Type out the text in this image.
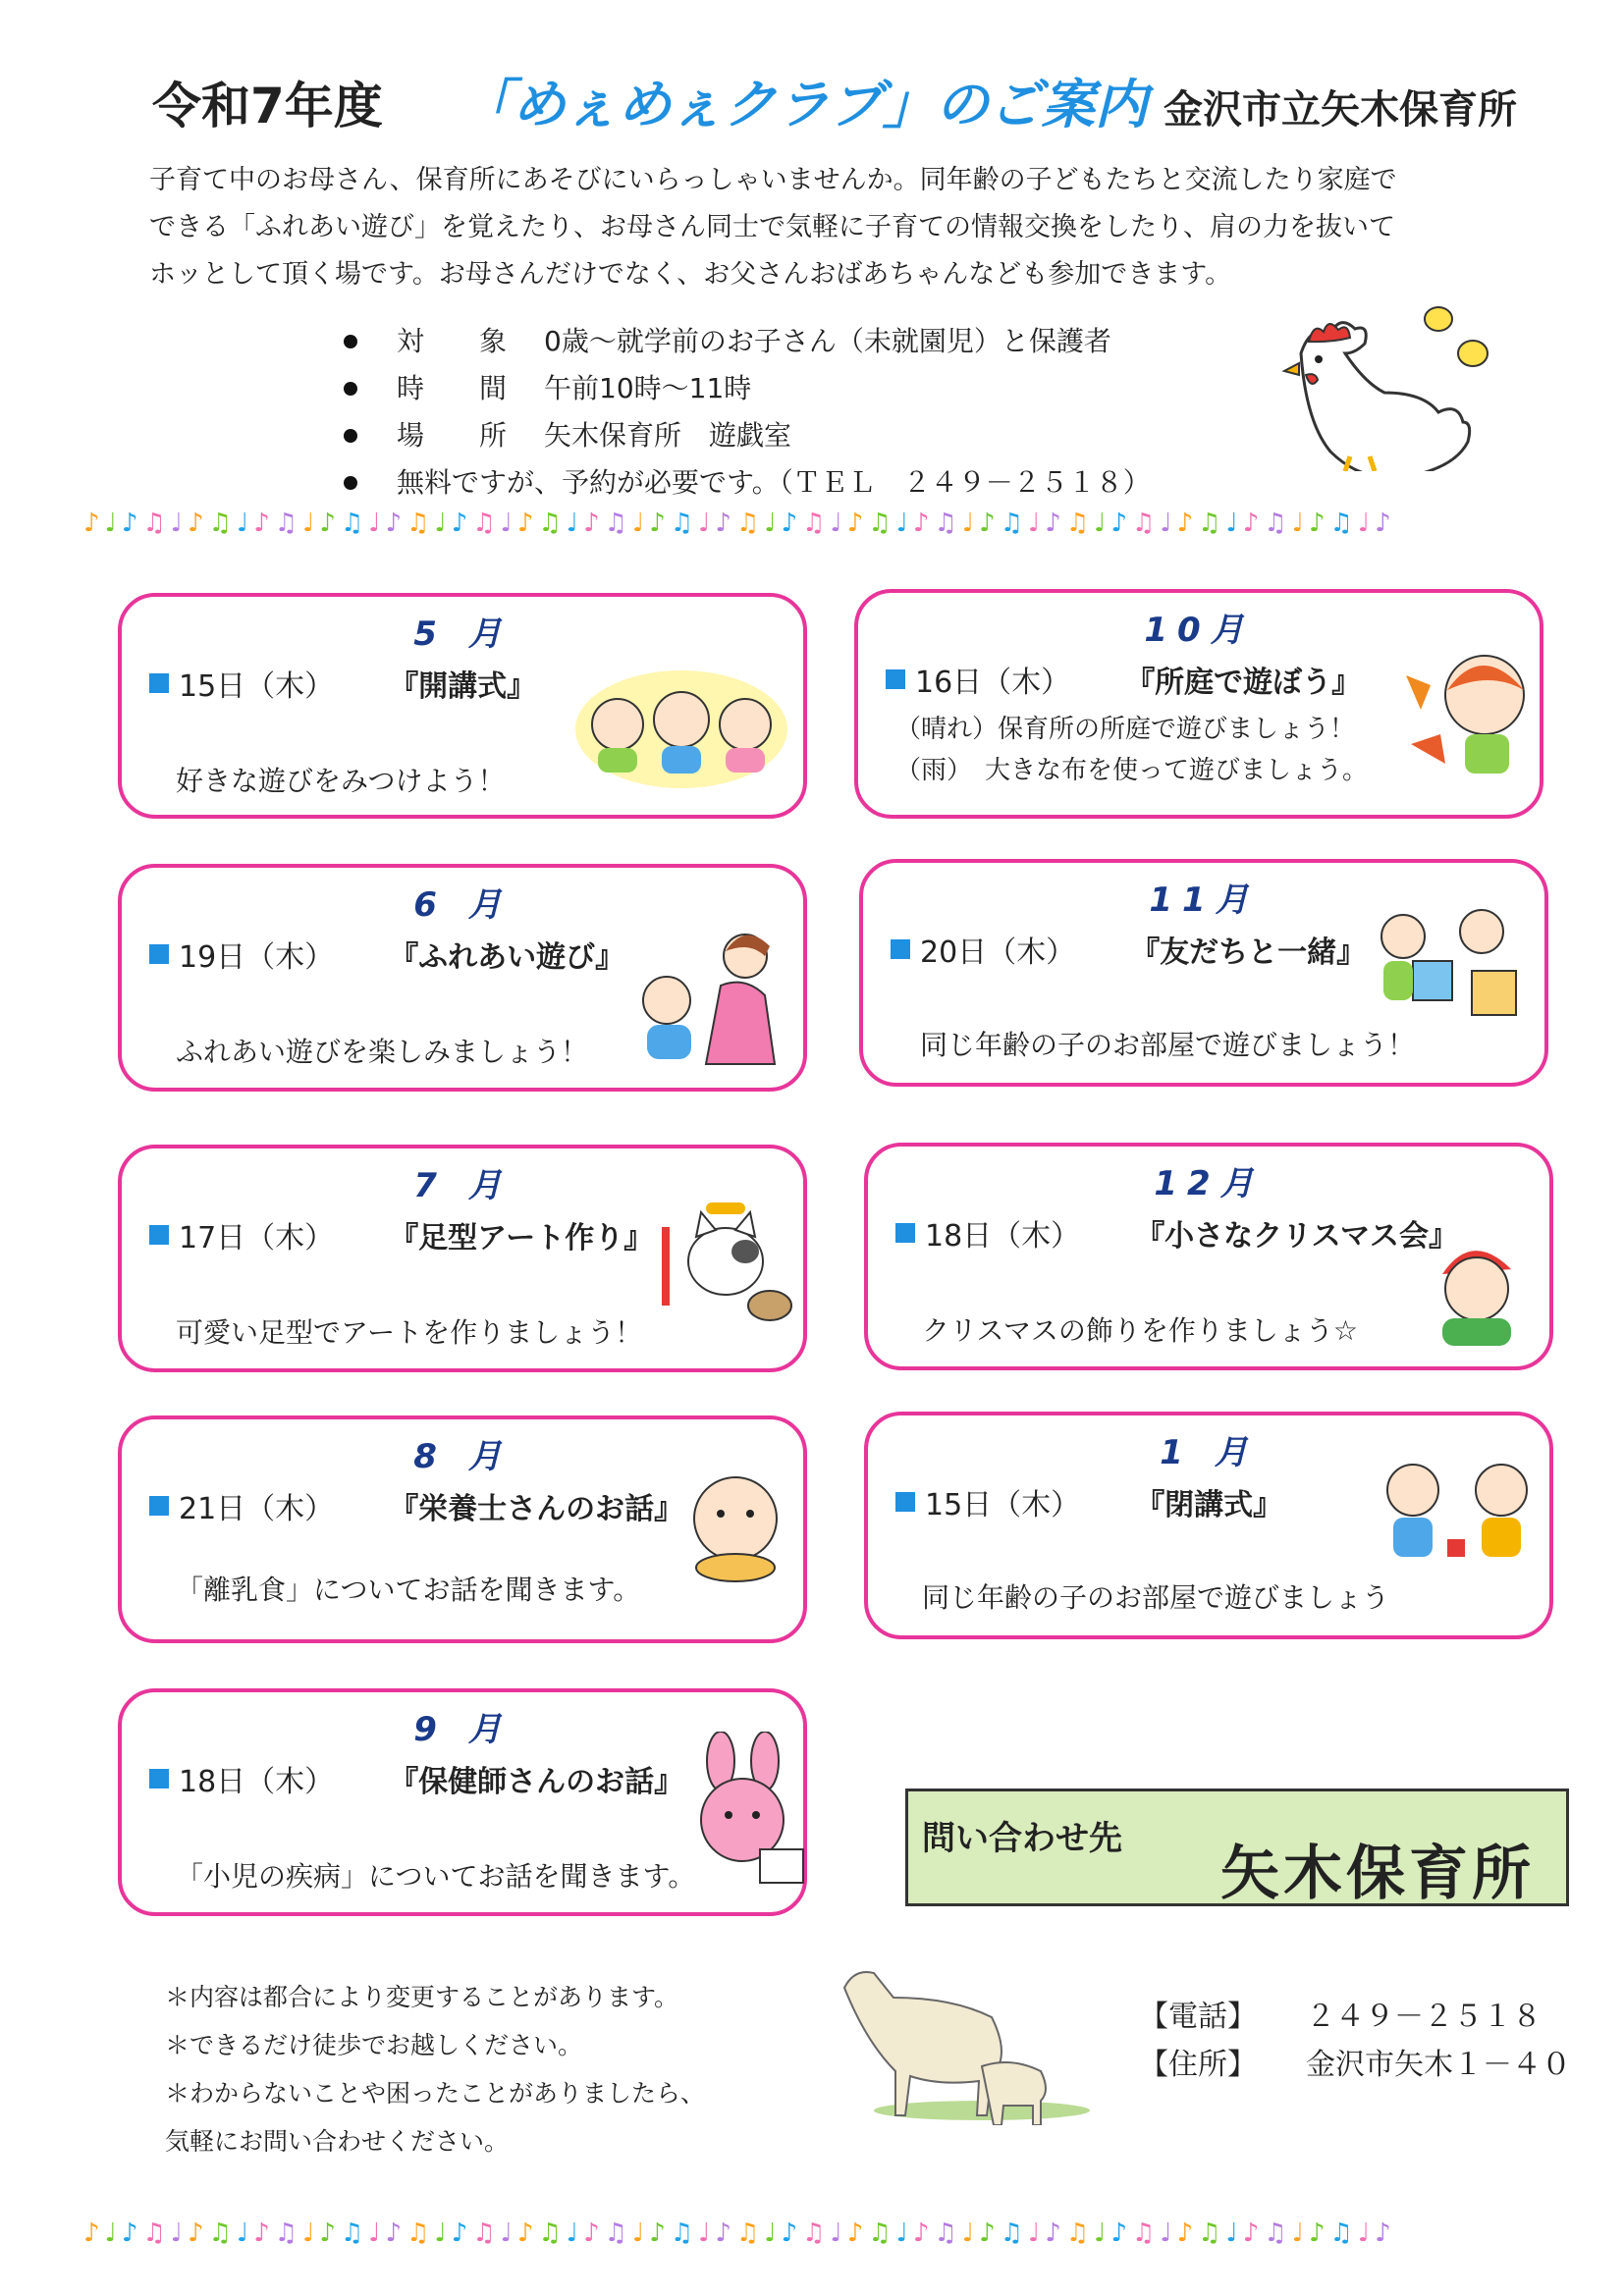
令和7年度 「めぇめぇクラブ」のご案内 金沢市立矢木保育所
子育て中のお母さん、保育所にあそびにいらっしゃいませんか。同年齢の子どもたちと交流したり家庭で
できる「ふれあい遊び」を覚えたり、お母さん同士で気軽に子育ての情報交換をしたり、肩の力を抜いて
ホッとして頂く場です。お母さんだけでなく、お父さんおばあちゃんなども参加できます。
対　象 0歳～就学前のお子さん（未就園児）と保護者
時　間 午前10時～11時
場　所 矢木保育所　遊戯室
無料ですが、予約が必要です。（ＴＥＬ　２４９－２５１８）
♪♩♪♫♩♪♫♩♪♫♩♪♫♩♪♫♩♪♫♩♪♫♩♪♫♩♪♫♩♪♫♩♪♫♩♪♫♩♪♫♩♪♫♩♪♫♩♪♫♩♪♫♩♪♫♩♪♫♩♪
5 月
15日（木） 『開講式』
好きな遊びをみつけよう！
6 月
19日（木） 『ふれあい遊び』
ふれあい遊びを楽しみましょう！
7 月
17日（木） 『足型アート作り』
可愛い足型でアートを作りましょう！
8 月
21日（木） 『栄養士さんのお話』
「離乳食」についてお話を聞きます。
9 月
18日（木） 『保健師さんのお話』
「小児の疾病」についてお話を聞きます。
10月
16日（木） 『所庭で遊ぼう』
（晴れ）保育所の所庭で遊びましょう！
（雨）　大きな布を使って遊びましょう。
11月
20日（木） 『友だちと一緒』
同じ年齢の子のお部屋で遊びましょう！
12月
18日（木） 『小さなクリスマス会』
クリスマスの飾りを作りましょう☆
1 月
15日（木） 『閉講式』
同じ年齢の子のお部屋で遊びましょう
問い合わせ先
矢木保育所
＊内容は都合により変更することがあります。
＊できるだけ徒歩でお越しください。
＊わからないことや困ったことがありましたら、
気軽にお問い合わせください。
【電話】	２４９－２５１８
【住所】	金沢市矢木１－４０
♪♩♪♫♩♪♫♩♪♫♩♪♫♩♪♫♩♪♫♩♪♫♩♪♫♩♪♫♩♪♫♩♪♫♩♪♫♩♪♫♩♪♫♩♪♫♩♪♫♩♪♫♩♪♫♩♪♫♩♪
